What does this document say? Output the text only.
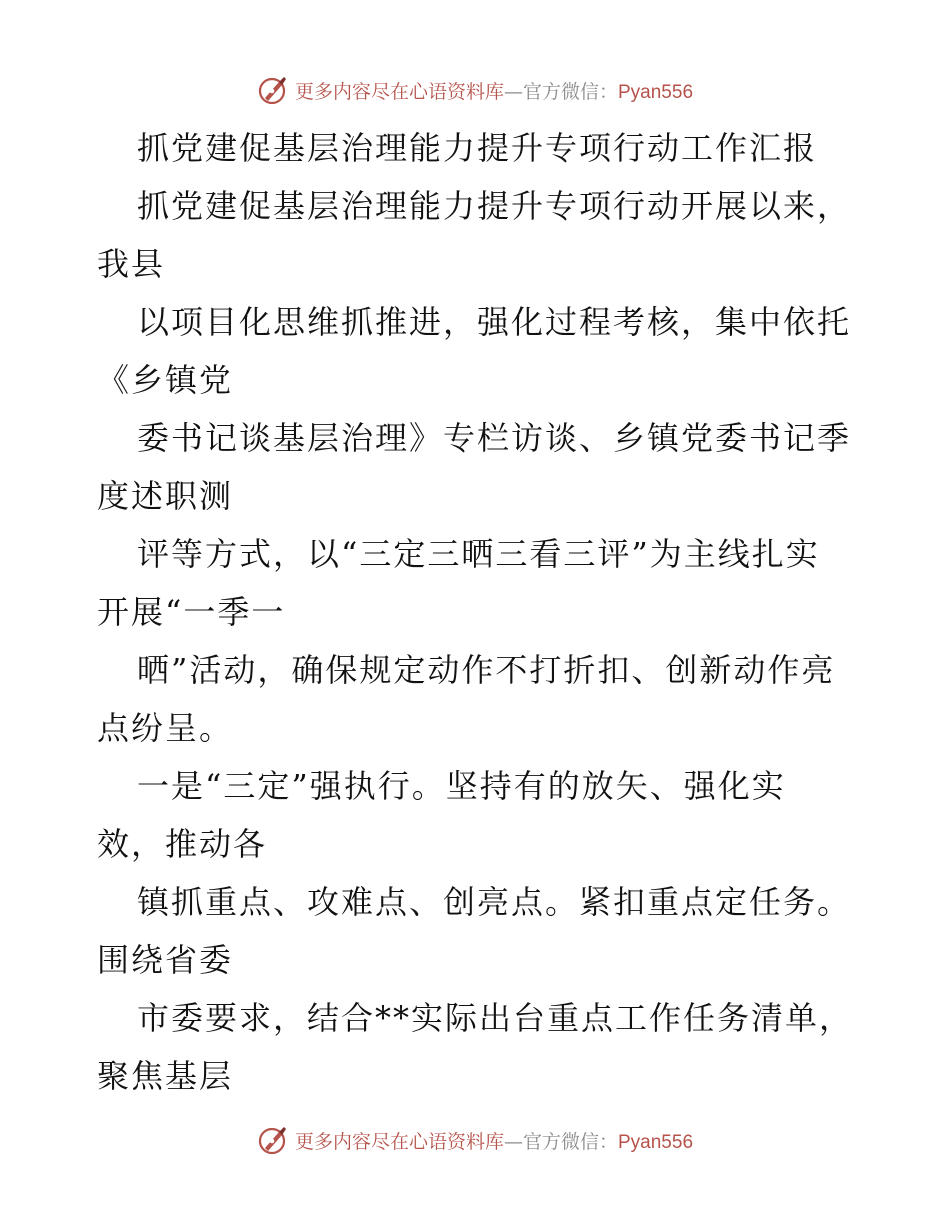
更多内容尽在心语资料库—官方微信：Pyan556
抓党建促基层治理能力提升专项行动工作汇报
抓党建促基层治理能力提升专项行动开展以来，
我县
以项目化思维抓推进，强化过程考核，集中依托
《乡镇党
委书记谈基层治理》专栏访谈、乡镇党委书记季
度述职测
评等方式，以“三定三晒三看三评”为主线扎实
开展“一季一
晒”活动，确保规定动作不打折扣、创新动作亮
点纷呈。
一是“三定”强执行。坚持有的放矢、强化实
效，推动各
镇抓重点、攻难点、创亮点。紧扣重点定任务。
围绕省委
市委要求，结合**实际出台重点工作任务清单，
聚焦基层
更多内容尽在心语资料库—官方微信：Pyan556
